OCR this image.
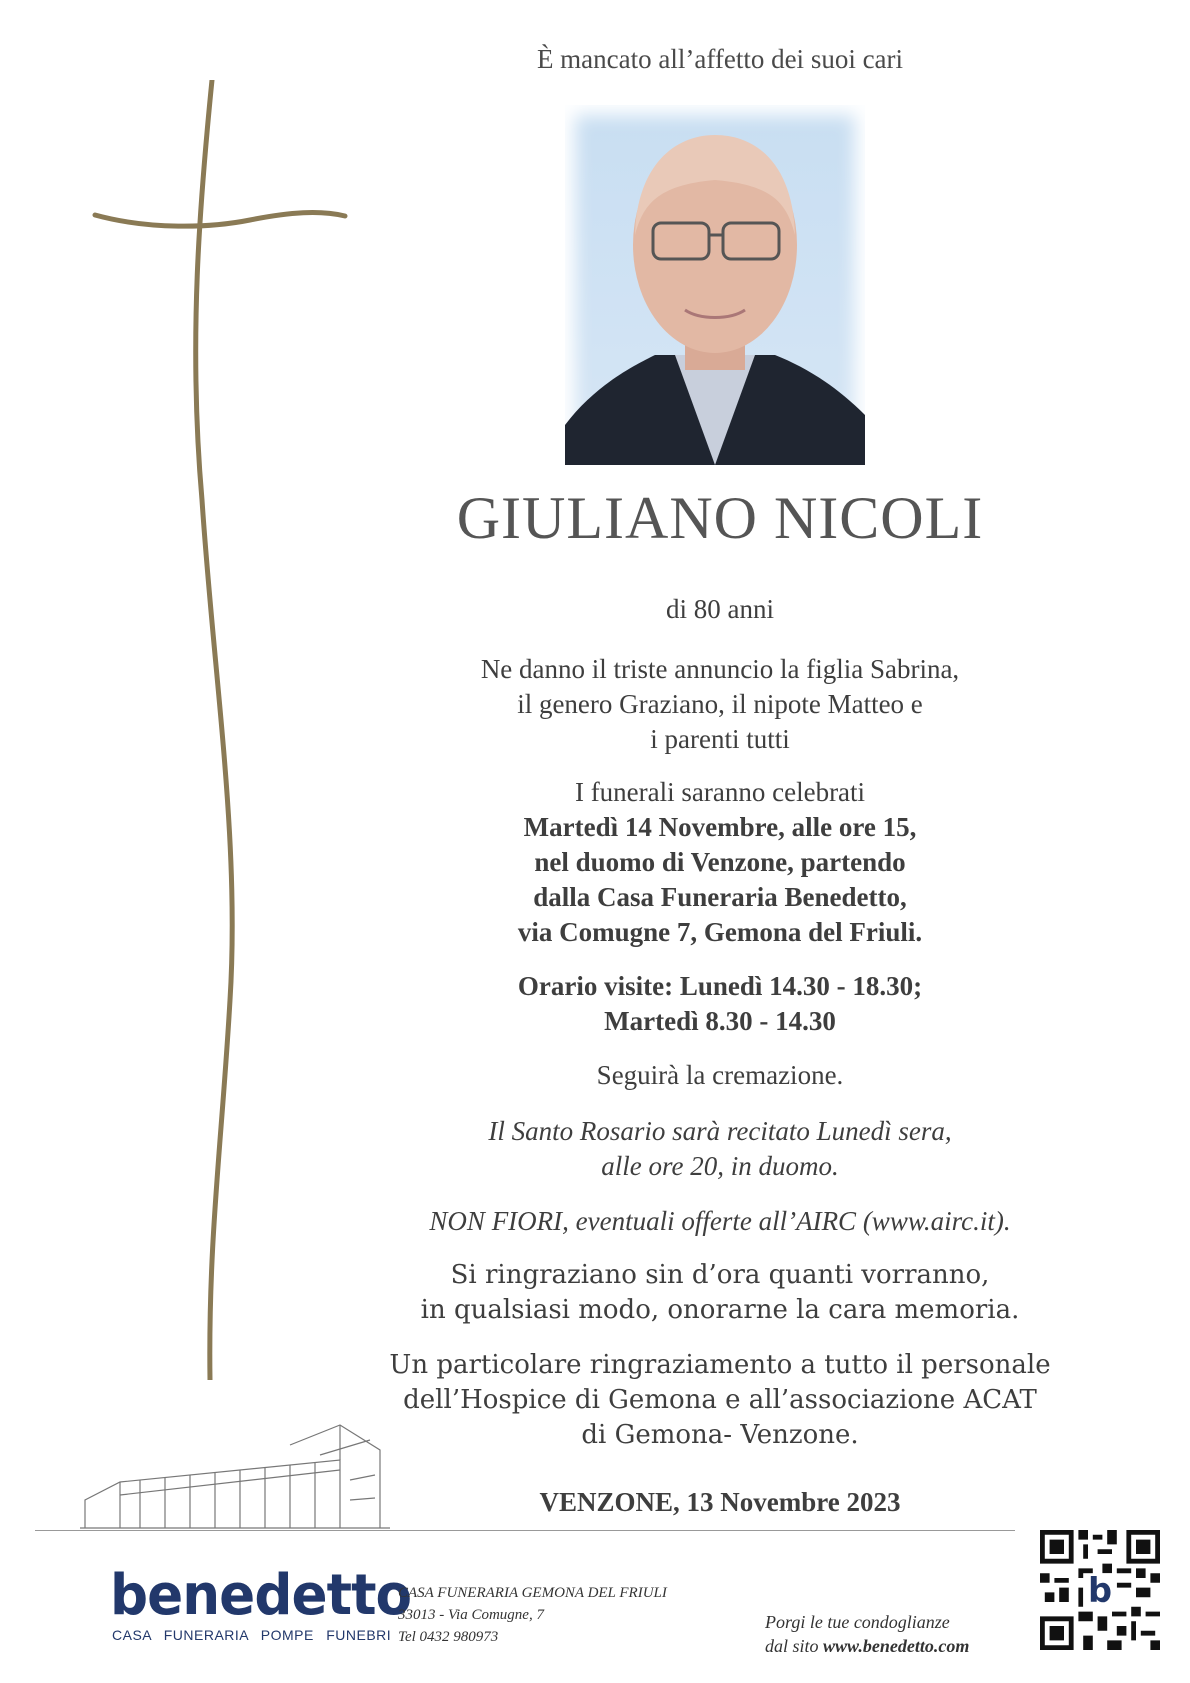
È mancato all’affetto dei suoi cari
GIULIANO NICOLI
di 80 anni
Ne danno il triste annuncio la figlia Sabrina,
il genero Graziano, il nipote Matteo e
i parenti tutti
I funerali saranno celebrati
Martedì 14 Novembre, alle ore 15,
nel duomo di Venzone, partendo
dalla Casa Funeraria Benedetto,
via Comugne 7, Gemona del Friuli.
Orario visite: Lunedì 14.30 - 18.30;
Martedì 8.30 - 14.30
Seguirà la cremazione.
Il Santo Rosario sarà recitato Lunedì sera,
alle ore 20, in duomo.
NON FIORI, eventuali offerte all’AIRC (www.airc.it).
Si ringraziano sin d’ora quanti vorranno,
in qualsiasi modo, onorarne la cara memoria.
Un particolare ringraziamento a tutto il personale
dell’Hospice di Gemona e all’associazione ACAT
di Gemona- Venzone.
VENZONE, 13 Novembre 2023
benedetto
CASA FUNERARIA POMPE FUNEBRI
CASA FUNERARIA GEMONA DEL FRIULI
33013 - Via Comugne, 7
Tel 0432 980973
Porgi le tue condoglianze
dal sito www.benedetto.com
b
